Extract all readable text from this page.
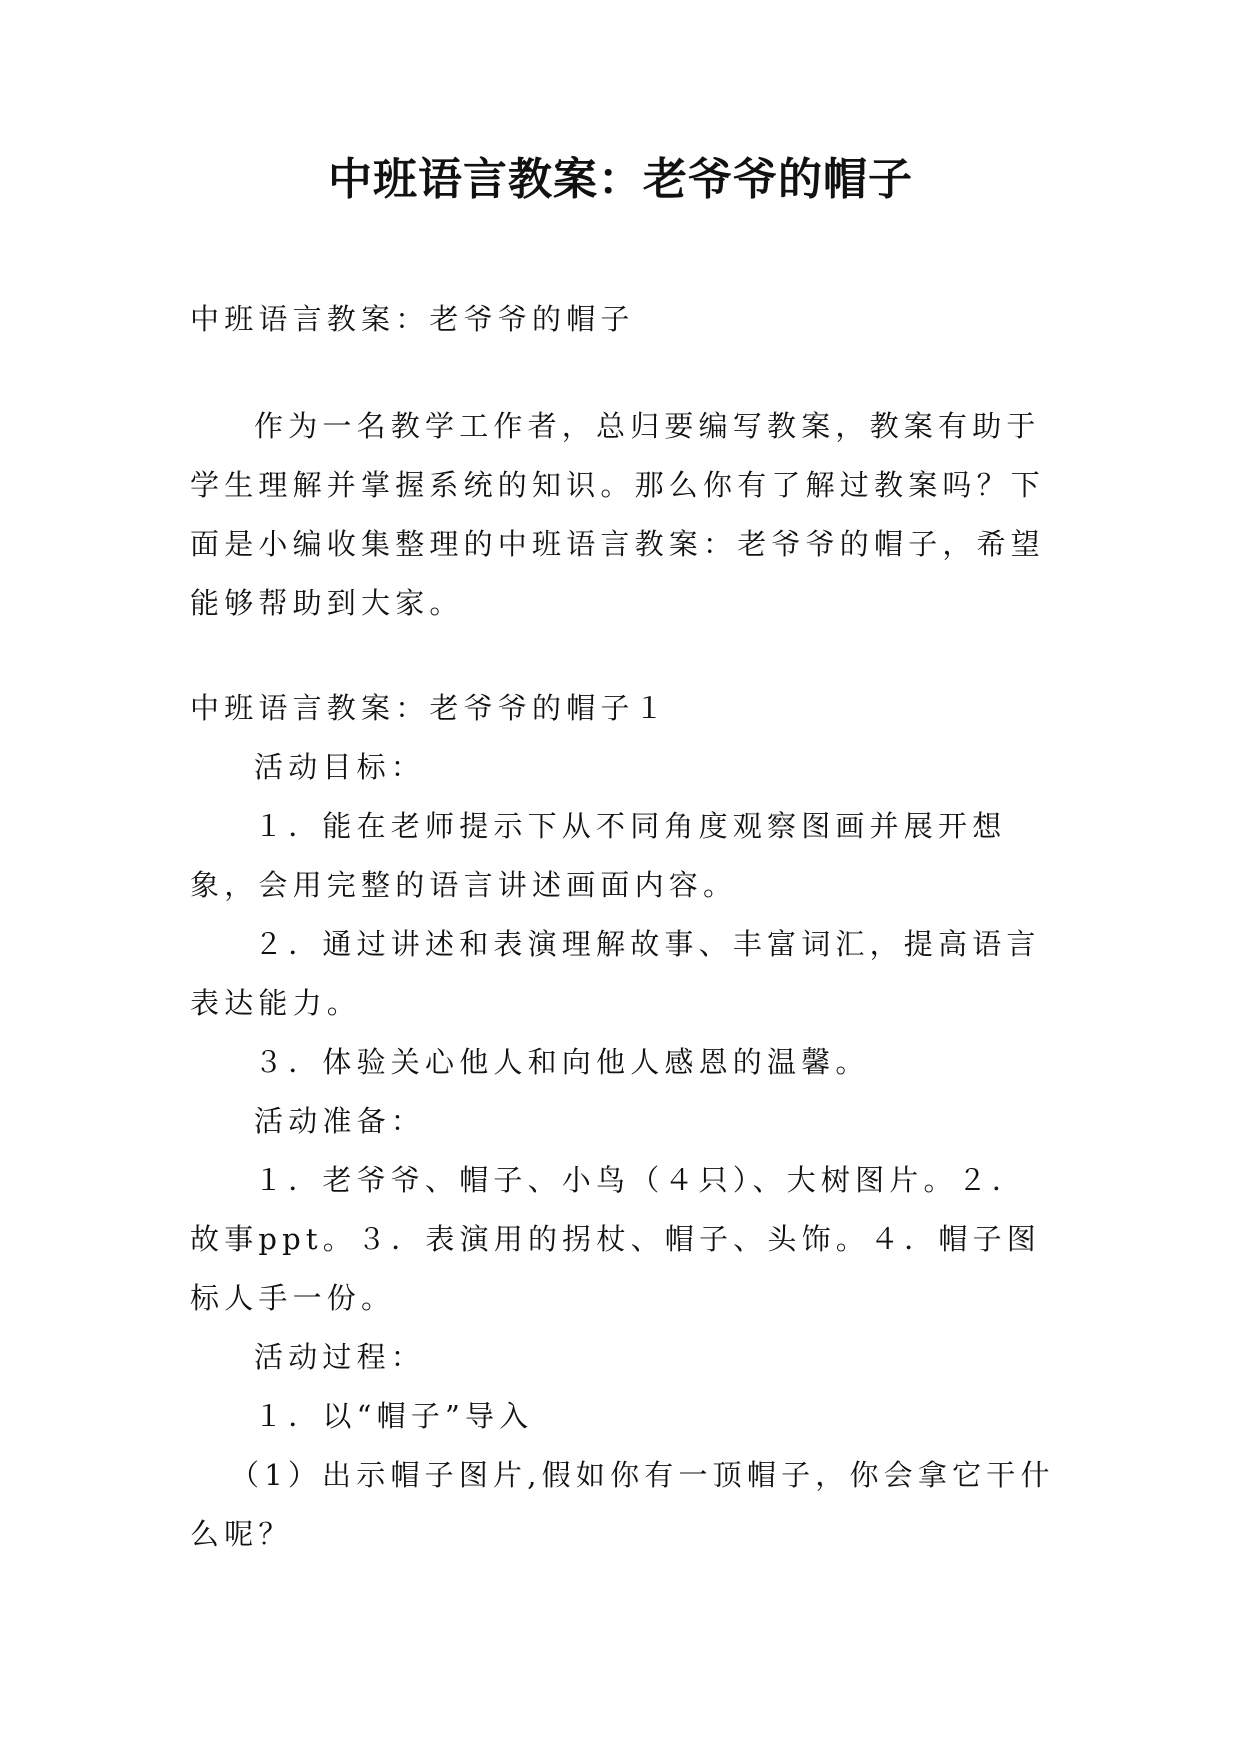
中班语言教案：老爷爷的帽子

中班语言教案：老爷爷的帽子

作为一名教学工作者，总归要编写教案，教案有助于学生理解并掌握系统的知识。那么你有了解过教案吗？下面是小编收集整理的中班语言教案：老爷爷的帽子，希望能够帮助到大家。

中班语言教案：老爷爷的帽子１

活动目标：

１．能在老师提示下从不同角度观察图画并展开想象，会用完整的语言讲述画面内容。

２．通过讲述和表演理解故事、丰富词汇，提高语言表达能力。

３．体验关心他人和向他人感恩的温馨。

活动准备：

１．老爷爷、帽子、小鸟（４只）、大树图片。２．故事ppt。３．表演用的拐杖、帽子、头饰。４．帽子图标人手一份。

活动过程：

１．以“帽子”导入

（1）出示帽子图片,假如你有一顶帽子，你会拿它干什么呢？
